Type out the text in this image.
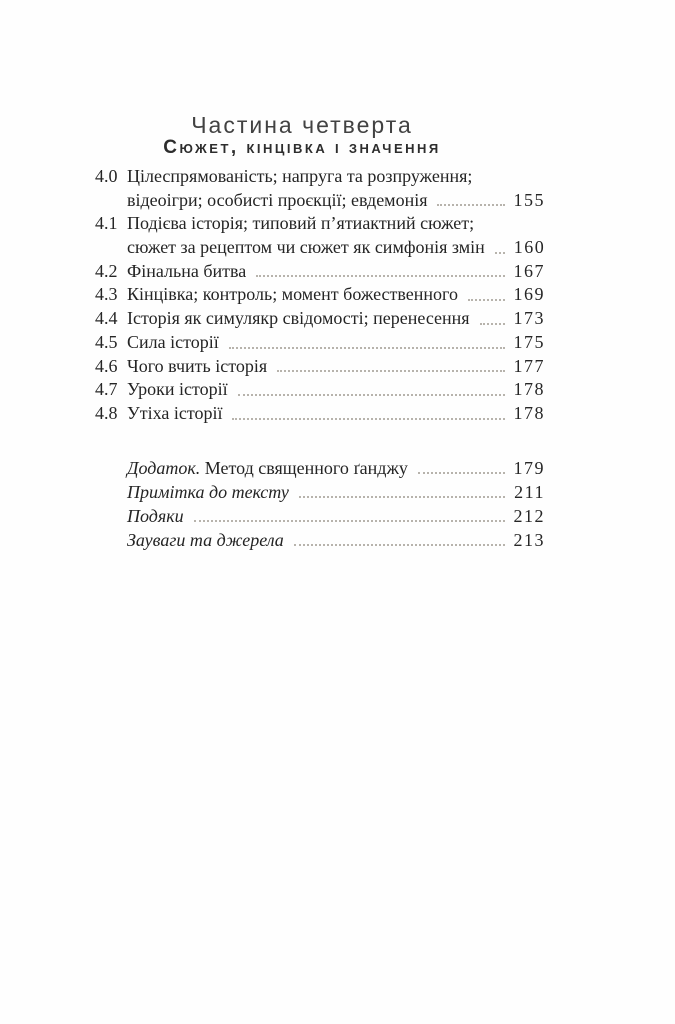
Частина четверта
Сюжет, кінцівка і значення
4.0 Цілеспрямованість; напруга та розпруження;
відеоігри; особисті проєкції; евдемонія	155
4.1 Подієва історія; типовий п’ятиактний сюжет;
сюжет за рецептом чи сюжет як симфонія змін 160
4.2 Фінальна битва	167
4.3 Кінцівка; контроль; момент божественного	169
4.4 Історія як симулякр свідомості; перенесення 173
4.5 Сила історії	175
4.6 Чого вчить історія	177
4.7 Уроки історії	178
4.8 Утіха історії	178
Додаток. Метод священного ґанджу	179
Примітка до тексту	211
Подяки	212
Зауваги та джерела	213
